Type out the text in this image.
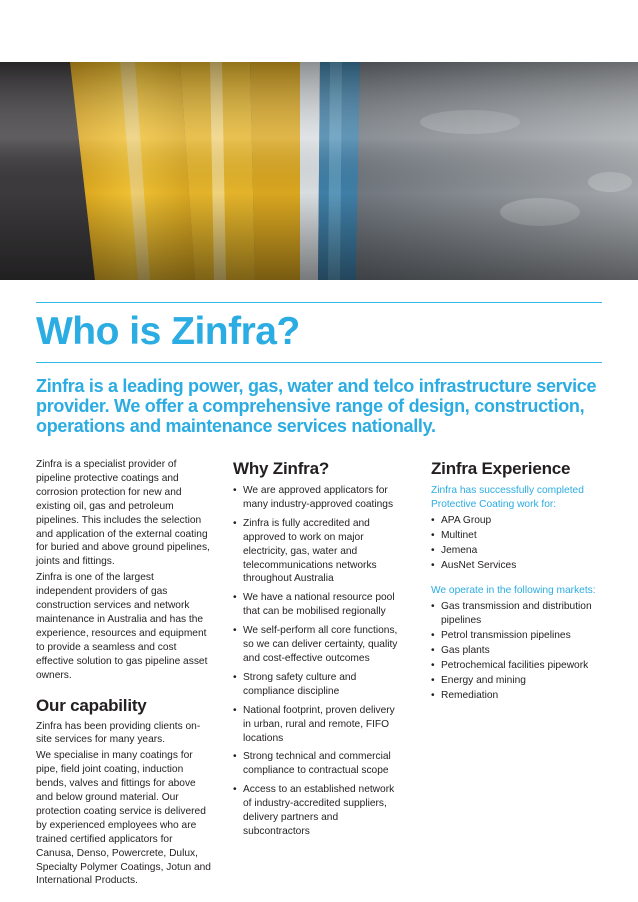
Who is Zinfra?

Zinfra is a leading power, gas, water and telco infrastructure service provider. We offer a comprehensive range of design, construction, operations and maintenance services nationally.

Zinfra is a specialist provider of pipeline protective coatings and corrosion protection for new and existing oil, gas and petroleum pipelines. This includes the selection and application of the external coating for buried and above ground pipelines, joints and fittings.

Zinfra is one of the largest independent providers of gas construction services and network maintenance in Australia and has the experience, resources and equipment to provide a seamless and cost effective solution to gas pipeline asset owners.

Our capability

Zinfra has been providing clients on-site services for many years.

We specialise in many coatings for pipe, field joint coating, induction bends, valves and fittings for above and below ground material. Our protection coating service is delivered by experienced employees who are trained certified applicators for Canusa, Denso, Powercrete, Dulux, Specialty Polymer Coatings, Jotun and International Products.

Why Zinfra?
• We are approved applicators for many industry-approved coatings
• Zinfra is fully accredited and approved to work on major electricity, gas, water and telecommunications networks throughout Australia
• We have a national resource pool that can be mobilised regionally
• We self-perform all core functions, so we can deliver certainty, quality and cost-effective outcomes
• Strong safety culture and compliance discipline
• National footprint, proven delivery in urban, rural and remote, FIFO locations
• Strong technical and commercial compliance to contractual scope
• Access to an established network of industry-accredited suppliers, delivery partners and subcontractors
Zinfra Experience

Zinfra has successfully completed Protective Coating work for:

• APA Group
• Multinet
• Jemena
• AusNet Services

We operate in the following markets:

• Gas transmission and distribution pipelines
• Petrol transmission pipelines
• Gas plants
• Petrochemical facilities pipework
• Energy and mining
• Remediation
